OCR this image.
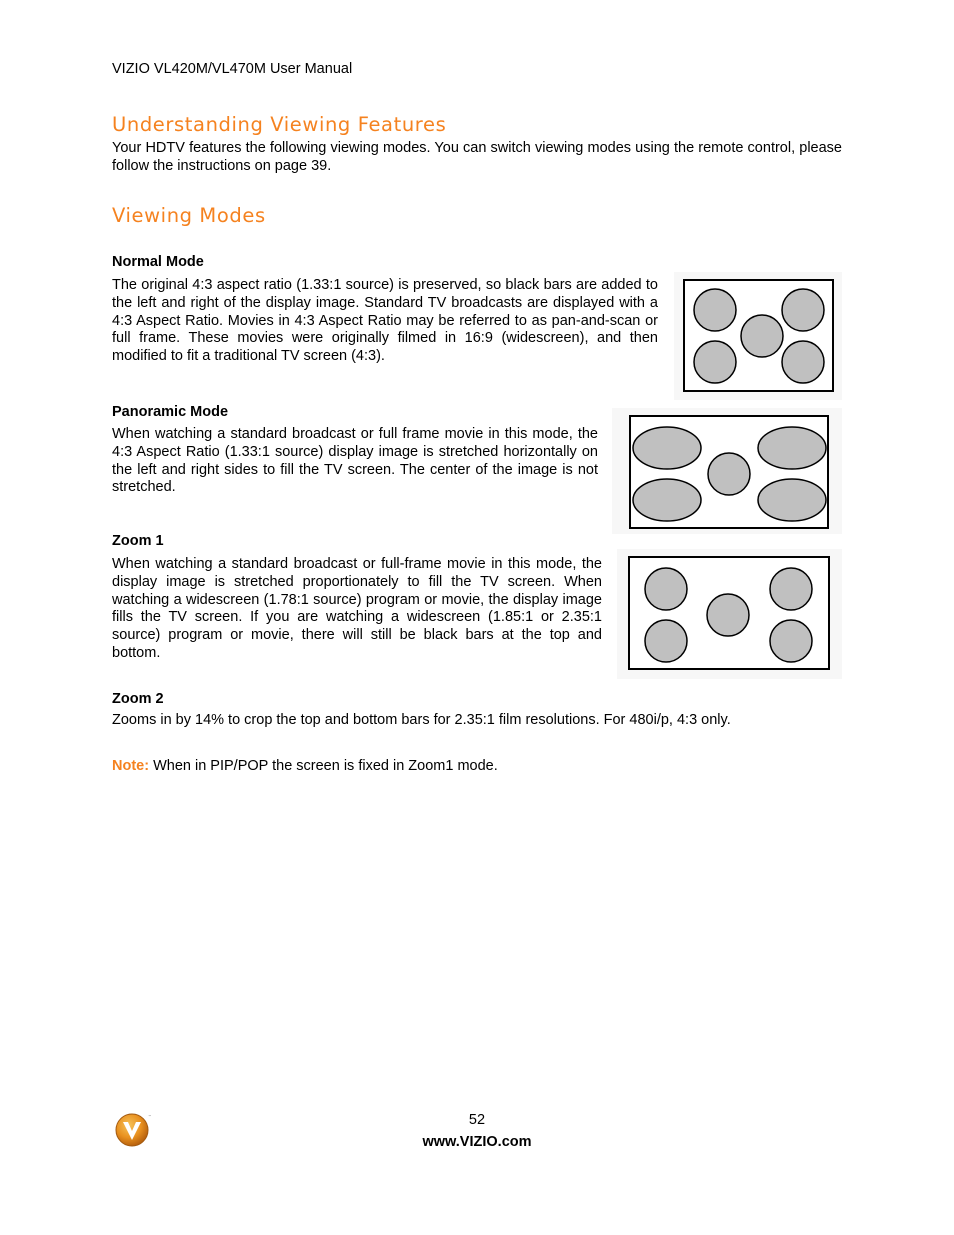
VIZIO VL420M/VL470M User Manual
Understanding Viewing Features

Your HDTV features the following viewing modes. You can switch viewing modes using the remote control, please follow the instructions on page 39.

Viewing Modes

Normal Mode

The original 4:3 aspect ratio (1.33:1 source) is preserved, so black bars are added to the left and right of the display image. Standard TV broadcasts are displayed with a 4:3 Aspect Ratio. Movies in 4:3 Aspect Ratio may be referred to as pan-and-scan or full frame. These movies were originally filmed in 16:9 (widescreen), and then modified to fit a traditional TV screen (4:3).

Panoramic Mode

When watching a standard broadcast or full frame movie in this mode, the 4:3 Aspect Ratio (1.33:1 source) display image is stretched horizontally on the left and right sides to fill the TV screen. The center of the image is not stretched.

Zoom 1

When watching a standard broadcast or full-frame movie in this mode, the display image is stretched proportionately to fill the TV screen. When watching a widescreen (1.78:1 source) program or movie, the display image fills the TV screen. If you are watching a widescreen (1.85:1 or 2.35:1 source) program or movie, there will still be black bars at the top and bottom.

Zoom 2

Zooms in by 14% to crop the top and bottom bars for 2.35:1 film resolutions. For 480i/p, 4:3 only.

Note: When in PIP/POP the screen is fixed in Zoom1 mode.

™	52
www.VIZIO.com
